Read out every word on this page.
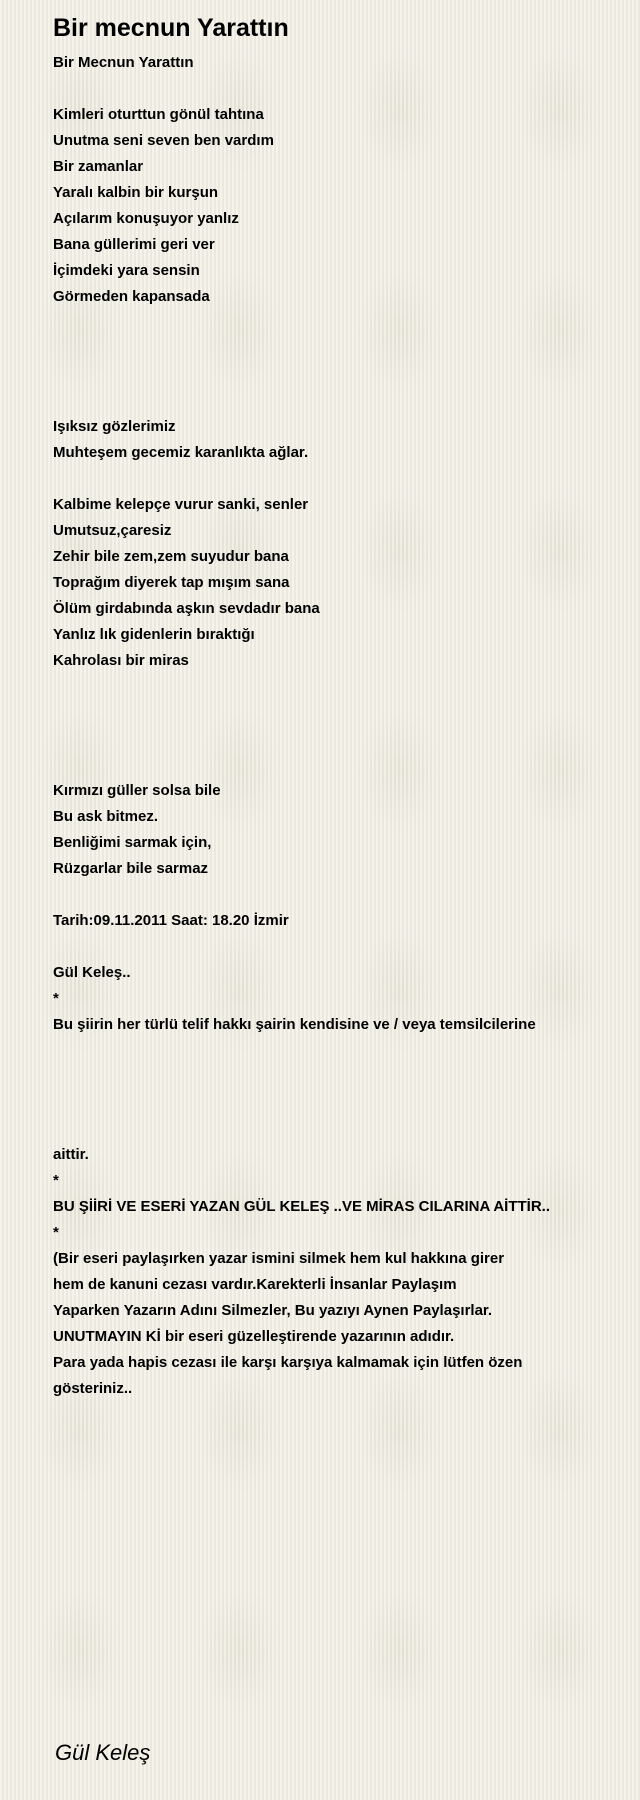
Bir mecnun Yarattın
Bir Mecnun Yarattın
Kimleri oturttun gönül tahtına
Unutma seni seven ben vardım
Bir zamanlar
Yaralı kalbin bir kurşun
Açılarım konuşuyor yanlız
Bana güllerimi geri ver
İçimdeki yara sensin
Görmeden kapansada
Işıksız gözlerimiz
Muhteşem gecemiz karanlıkta ağlar.
Kalbime kelepçe vurur sanki, senler
Umutsuz,çaresiz
Zehir bile zem,zem suyudur bana
Toprağım diyerek tap mışım sana
Ölüm girdabında aşkın sevdadır bana
Yanlız lık gidenlerin bıraktığı
Kahrolası bir miras
Kırmızı güller solsa bile
Bu ask bitmez.
Benliğimi sarmak için,
Rüzgarlar bile sarmaz
Tarih:09.11.2011 Saat: 18.20 İzmir
Gül Keleş..
*
Bu şiirin her türlü telif hakkı şairin kendisine ve / veya temsilcilerine
aittir.
*
BU ŞİİRİ VE ESERİ YAZAN GÜL KELEŞ ..VE MİRAS CILARINA AİTTİR..
*
(Bir eseri paylaşırken yazar ismini silmek hem kul hakkına girer
hem de kanuni cezası vardır.Karekterli İnsanlar Paylaşım
Yaparken Yazarın Adını Silmezler, Bu yazıyı Aynen Paylaşırlar.
UNUTMAYIN Kİ bir eseri güzelleştirende yazarının adıdır.
Para yada hapis cezası ile karşı karşıya kalmamak için lütfen özen
gösteriniz..
Gül Keleş
